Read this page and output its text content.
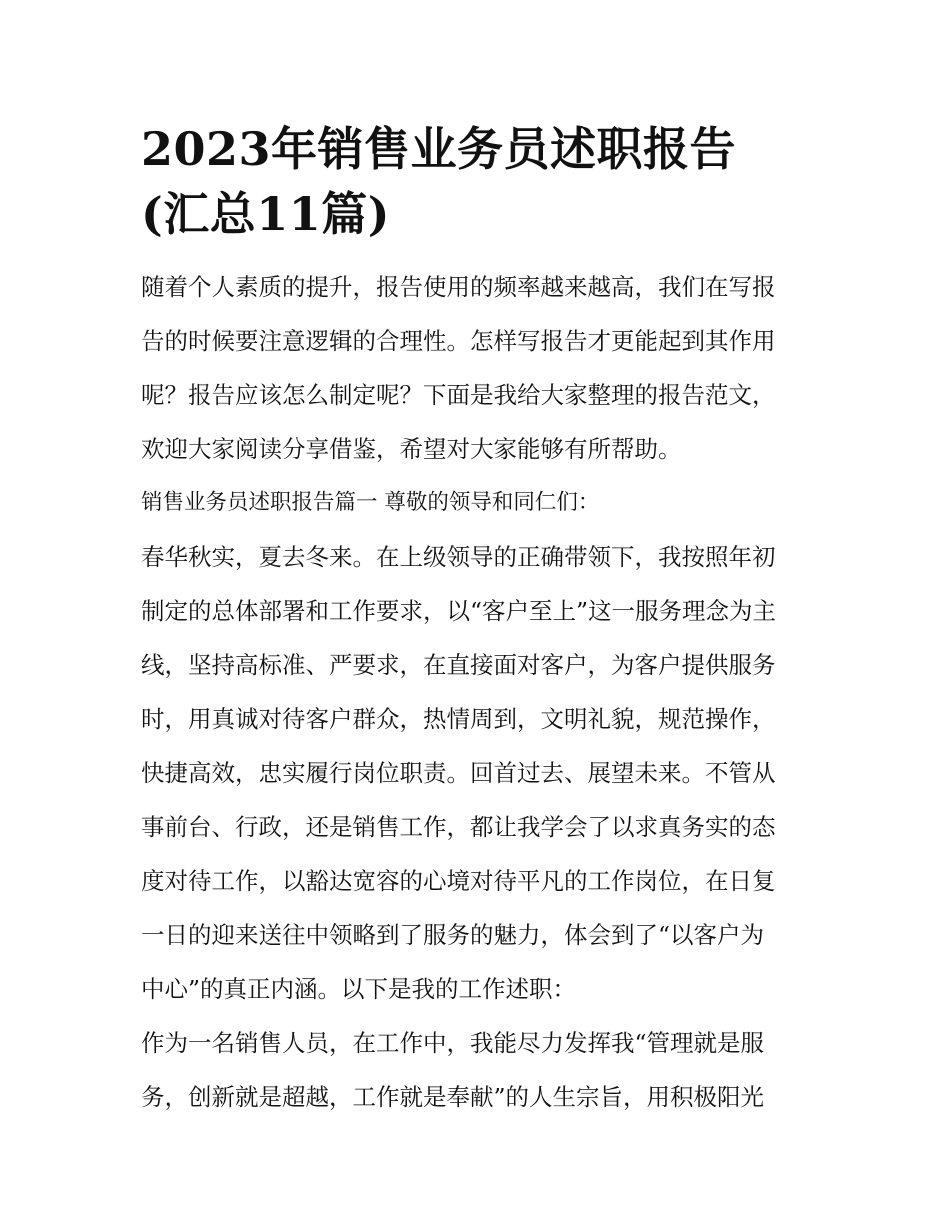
2023年销售业务员述职报告
(汇总11篇)
随着个人素质的提升，报告使用的频率越来越高，我们在写报
告的时候要注意逻辑的合理性。怎样写报告才更能起到其作用
呢？报告应该怎么制定呢？下面是我给大家整理的报告范文，
欢迎大家阅读分享借鉴，希望对大家能够有所帮助。
销售业务员述职报告篇一 尊敬的领导和同仁们：
春华秋实，夏去冬来。在上级领导的正确带领下，我按照年初
制定的总体部署和工作要求，以“客户至上”这一服务理念为主
线，坚持高标准、严要求，在直接面对客户，为客户提供服务
时，用真诚对待客户群众，热情周到，文明礼貌，规范操作，
快捷高效，忠实履行岗位职责。回首过去、展望未来。不管从
事前台、行政，还是销售工作，都让我学会了以求真务实的态
度对待工作，以豁达宽容的心境对待平凡的工作岗位，在日复
一日的迎来送往中领略到了服务的魅力，体会到了“以客户为
中心”的真正内涵。以下是我的工作述职：
作为一名销售人员，在工作中，我能尽力发挥我“管理就是服
务，创新就是超越，工作就是奉献”的人生宗旨，用积极阳光
